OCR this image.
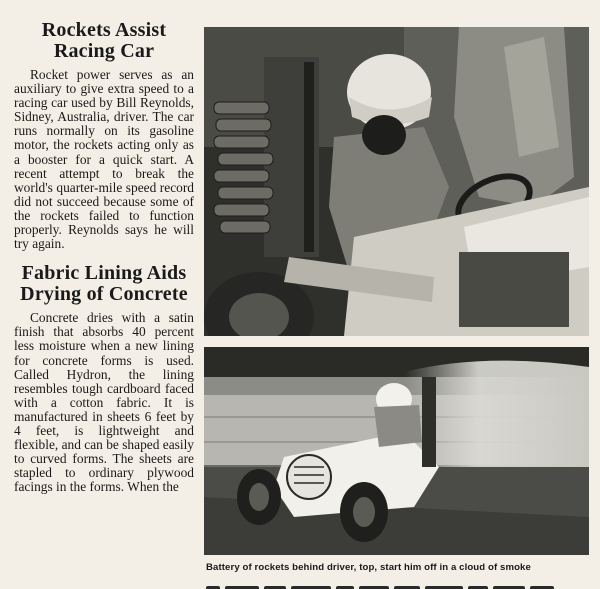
Rockets Assist
Racing Car

Rocket power serves as an auxiliary to give extra speed to a racing car used by Bill Reynolds, Sidney, Australia, driver. The car runs normally on its gasoline motor, the rockets acting only as a booster for a quick start. A recent attempt to break the world's quarter-mile speed record did not succeed because some of the rockets failed to function properly. Reynolds says he will try again.

Fabric Lining Aids
Drying of Concrete

Concrete dries with a satin finish that absorbs 40 percent less moisture when a new lining for concrete forms is used. Called Hydron, the lining resembles tough cardboard faced with a cotton fabric. It is manufactured in sheets 6 feet by 4 feet, is lightweight and flexible, and can be shaped easily to curved forms. The sheets are stapled to ordinary plywood facings in the forms. When the

Battery of rockets behind driver, top, start him off in a cloud of smoke
